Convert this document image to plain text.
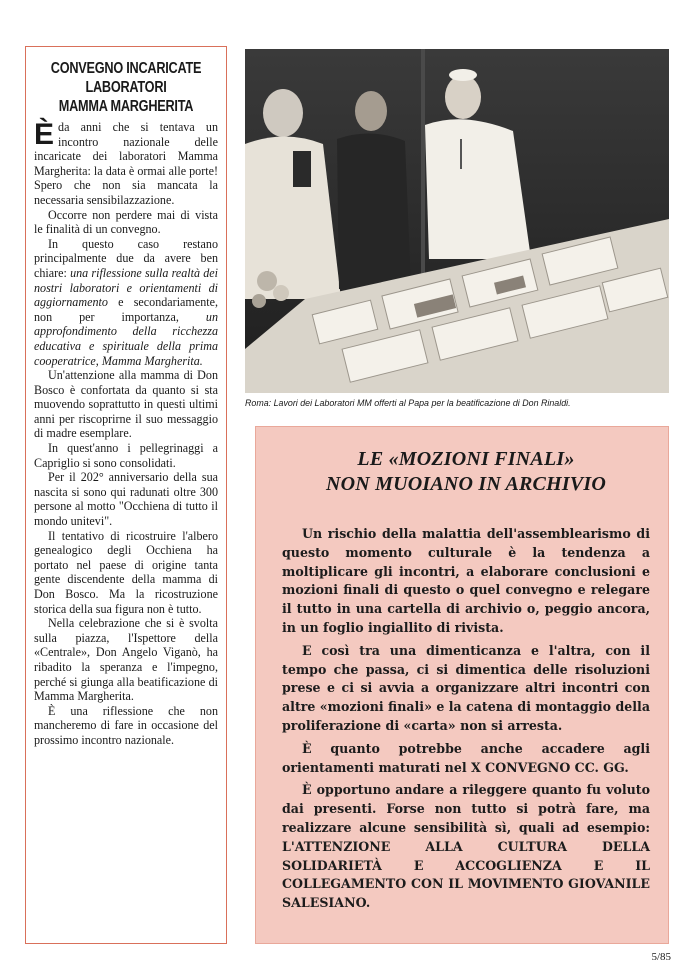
CONVEGNO INCARICATE
LABORATORI
MAMMA MARGHERITA

È da anni che si tentava un incontro nazionale delle incaricate dei laboratori Mamma Margherita: la data è ormai alle porte! Spero che non sia mancata la necessaria sensibilazzazione.

Occorre non perdere mai di vista le finalità di un convegno.

In questo caso restano principalmente due da avere ben chiare: una riflessione sulla realtà dei nostri laboratori e orientamenti di aggiornamento e secondariamente, non per importanza, un approfondimento della ricchezza educativa e spirituale della prima cooperatrice, Mamma Margherita.

Un'attenzione alla mamma di Don Bosco è confortata da quanto si sta muovendo soprattutto in questi ultimi anni per riscoprirne il suo messaggio di madre esemplare.

In quest'anno i pellegrinaggi a Capriglio si sono consolidati.

Per il 202° anniversario della sua nascita si sono qui radunati oltre 300 persone al motto "Occhiena di tutto il mondo unitevi".

Il tentativo di ricostruire l'albero genealogico degli Occhiena ha portato nel paese di origine tanta gente discendente della mamma di Don Bosco. Ma la ricostruzione storica della sua figura non è tutto.

Nella celebrazione che si è svolta sulla piazza, l'Ispettore della «Centrale», Don Angelo Viganò, ha ribadito la speranza e l'impegno, perché si giunga alla beatificazione di Mamma Margherita.

È una riflessione che non mancheremo di fare in occasione del prossimo incontro nazionale.

Roma: Lavori dei Laboratori MM offerti al Papa per la beatificazione di Don Rinaldi.
LE «MOZIONI FINALI»
NON MUOIANO IN ARCHIVIO

Un rischio della malattia dell'assemblearismo di questo momento culturale è la tendenza a moltiplicare gli incontri, a elaborare conclusioni e mozioni finali di questo o quel convegno e relegare il tutto in una cartella di archivio o, peggio ancora, in un foglio ingiallito di rivista.

E così tra una dimenticanza e l'altra, con il tempo che passa, ci si dimentica delle risoluzioni prese e ci si avvia a organizzare altri incontri con altre «mozioni finali» e la catena di montaggio della proliferazione di «carta» non si arresta.

È quanto potrebbe anche accadere agli orientamenti maturati nel X CONVEGNO CC. GG.

È opportuno andare a rileggere quanto fu voluto dai presenti. Forse non tutto si potrà fare, ma realizzare alcune sensibilità sì, quali ad esempio: L'ATTENZIONE ALLA CULTURA DELLA SOLIDARIETÀ E ACCOGLIENZA E IL COLLEGAMENTO CON IL MOVIMENTO GIOVANILE SALESIANO.

5/85
